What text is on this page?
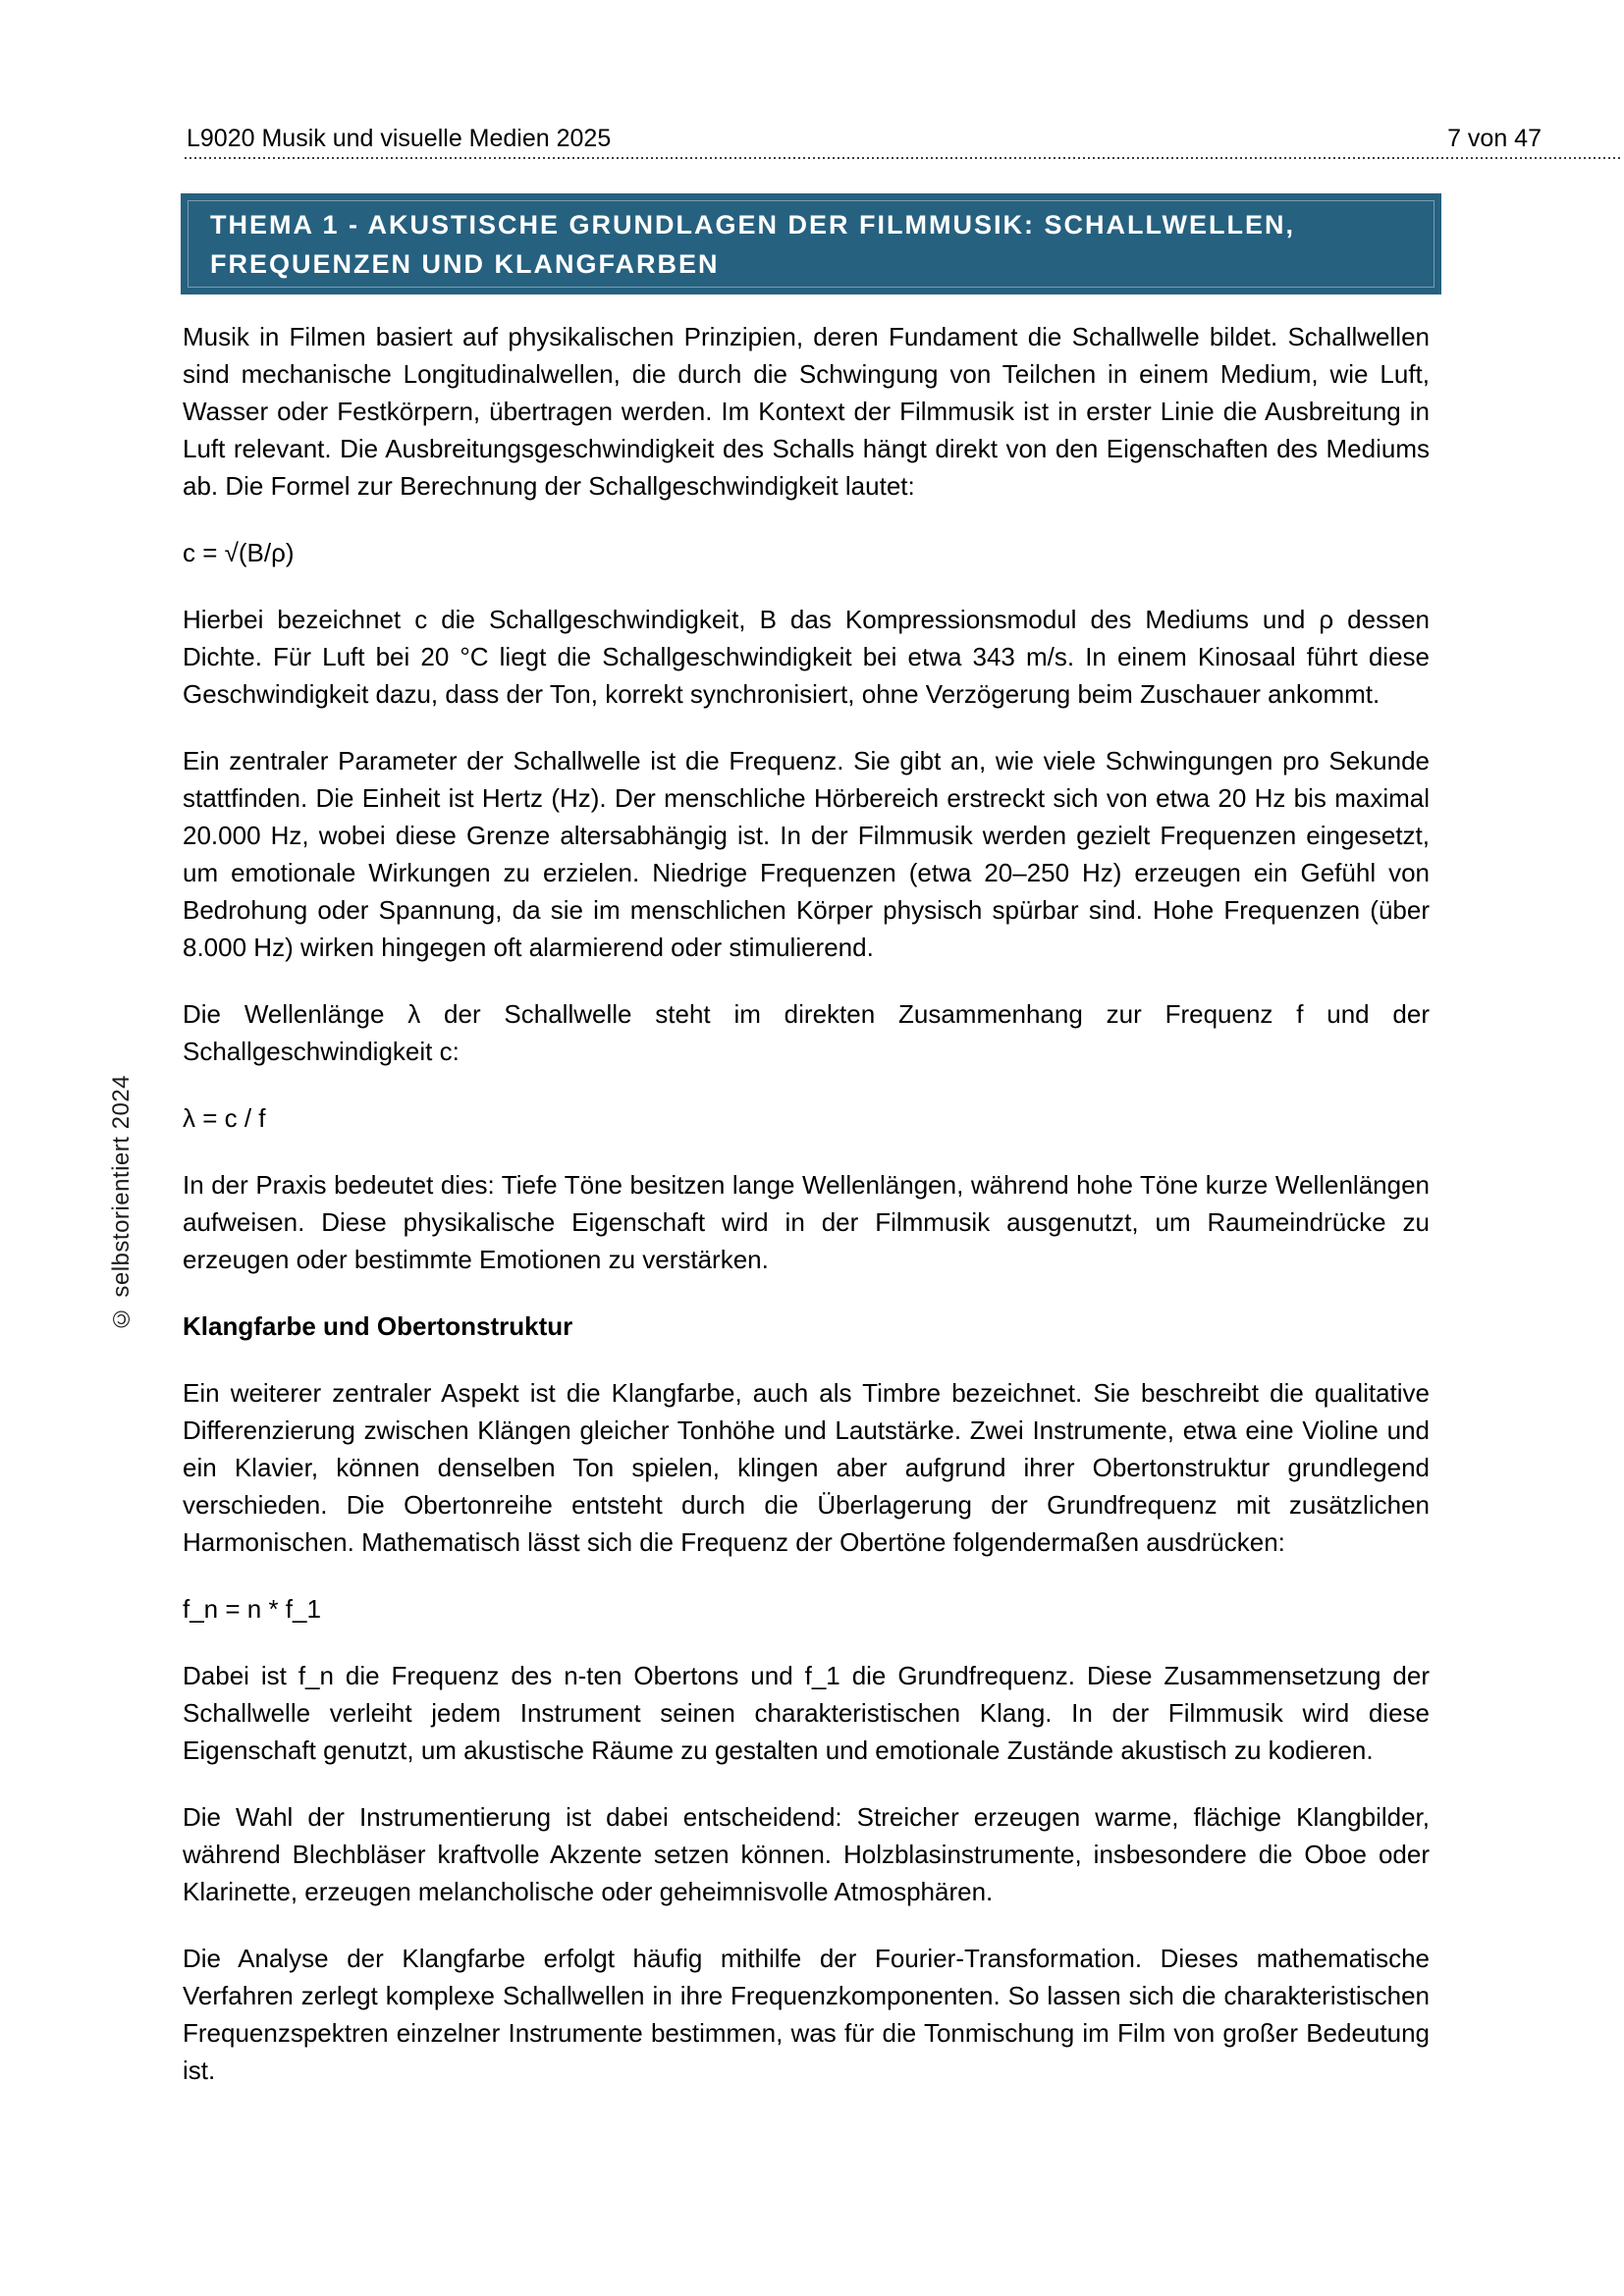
L9020 Musik und visuelle Medien 2025	7 von 47
THEMA 1 - AKUSTISCHE GRUNDLAGEN DER FILMMUSIK: SCHALLWELLEN,
FREQUENZEN UND KLANGFARBEN
© selbstorientiert 2024

Musik in Filmen basiert auf physikalischen Prinzipien, deren Fundament die Schallwelle bildet. Schallwellen sind mechanische Longitudinalwellen, die durch die Schwingung von Teilchen in einem Medium, wie Luft, Wasser oder Festkörpern, übertragen werden. Im Kontext der Filmmusik ist in erster Linie die Ausbreitung in Luft relevant. Die Ausbreitungsgeschwindigkeit des Schalls hängt direkt von den Eigenschaften des Mediums ab. Die Formel zur Berechnung der Schallgeschwindigkeit lautet:

c = √(B/ρ)

Hierbei bezeichnet c die Schallgeschwindigkeit, B das Kompressionsmodul des Mediums und ρ dessen Dichte. Für Luft bei 20 °C liegt die Schallgeschwindigkeit bei etwa 343 m/s. In einem Kinosaal führt diese Geschwindigkeit dazu, dass der Ton, korrekt synchronisiert, ohne Verzögerung beim Zuschauer ankommt.

Ein zentraler Parameter der Schallwelle ist die Frequenz. Sie gibt an, wie viele Schwingungen pro Sekunde stattfinden. Die Einheit ist Hertz (Hz). Der menschliche Hörbereich erstreckt sich von etwa 20 Hz bis maximal 20.000 Hz, wobei diese Grenze altersabhängig ist. In der Filmmusik werden gezielt Frequenzen eingesetzt, um emotionale Wirkungen zu erzielen. Niedrige Frequenzen (etwa 20–250 Hz) erzeugen ein Gefühl von Bedrohung oder Spannung, da sie im menschlichen Körper physisch spürbar sind. Hohe Frequenzen (über 8.000 Hz) wirken hingegen oft alarmierend oder stimulierend.

Die Wellenlänge λ der Schallwelle steht im direkten Zusammenhang zur Frequenz f und der Schallgeschwindigkeit c:

λ = c / f

In der Praxis bedeutet dies: Tiefe Töne besitzen lange Wellenlängen, während hohe Töne kurze Wellenlängen aufweisen. Diese physikalische Eigenschaft wird in der Filmmusik ausgenutzt, um Raumeindrücke zu erzeugen oder bestimmte Emotionen zu verstärken.

Klangfarbe und Obertonstruktur

Ein weiterer zentraler Aspekt ist die Klangfarbe, auch als Timbre bezeichnet. Sie beschreibt die qualitative Differenzierung zwischen Klängen gleicher Tonhöhe und Lautstärke. Zwei Instrumente, etwa eine Violine und ein Klavier, können denselben Ton spielen, klingen aber aufgrund ihrer Obertonstruktur grundlegend verschieden. Die Obertonreihe entsteht durch die Überlagerung der Grundfrequenz mit zusätzlichen Harmonischen. Mathematisch lässt sich die Frequenz der Obertöne folgendermaßen ausdrücken:

f_n = n * f_1

Dabei ist f_n die Frequenz des n-ten Obertons und f_1 die Grundfrequenz. Diese Zusammensetzung der Schallwelle verleiht jedem Instrument seinen charakteristischen Klang. In der Filmmusik wird diese Eigenschaft genutzt, um akustische Räume zu gestalten und emotionale Zustände akustisch zu kodieren.

Die Wahl der Instrumentierung ist dabei entscheidend: Streicher erzeugen warme, flächige Klangbilder, während Blechbläser kraftvolle Akzente setzen können. Holzblasinstrumente, insbesondere die Oboe oder Klarinette, erzeugen melancholische oder geheimnisvolle Atmosphären.

Die Analyse der Klangfarbe erfolgt häufig mithilfe der Fourier-Transformation. Dieses mathematische Verfahren zerlegt komplexe Schallwellen in ihre Frequenzkomponenten. So lassen sich die charakteristischen Frequenzspektren einzelner Instrumente bestimmen, was für die Tonmischung im Film von großer Bedeutung ist.
